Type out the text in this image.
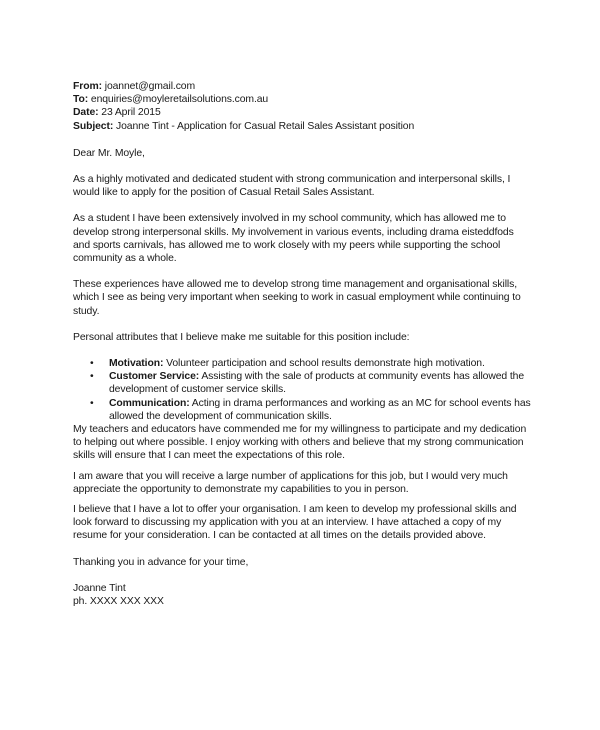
From: joannet@gmail.com
To: enquiries@moyleretailsolutions.com.au
Date: 23 April 2015
Subject: Joanne Tint - Application for Casual Retail Sales Assistant position

Dear Mr. Moyle,

As a highly motivated and dedicated student with strong communication and interpersonal skills, I would like to apply for the position of Casual Retail Sales Assistant.

As a student I have been extensively involved in my school community, which has allowed me to develop strong interpersonal skills. My involvement in various events, including drama eisteddfods and sports carnivals, has allowed me to work closely with my peers while supporting the school community as a whole.

These experiences have allowed me to develop strong time management and organisational skills, which I see as being very important when seeking to work in casual employment while continuing to study.

Personal attributes that I believe make me suitable for this position include:

• Motivation: Volunteer participation and school results demonstrate high motivation.
• Customer Service: Assisting with the sale of products at community events has allowed the development of customer service skills.
• Communication: Acting in drama performances and working as an MC for school events has allowed the development of communication skills.

My teachers and educators have commended me for my willingness to participate and my dedication to helping out where possible. I enjoy working with others and believe that my strong communication skills will ensure that I can meet the expectations of this role.

I am aware that you will receive a large number of applications for this job, but I would very much appreciate the opportunity to demonstrate my capabilities to you in person.

I believe that I have a lot to offer your organisation. I am keen to develop my professional skills and look forward to discussing my application with you at an interview. I have attached a copy of my resume for your consideration. I can be contacted at all times on the details provided above.

Thanking you in advance for your time,

Joanne Tint

ph. XXXX XXX XXX
